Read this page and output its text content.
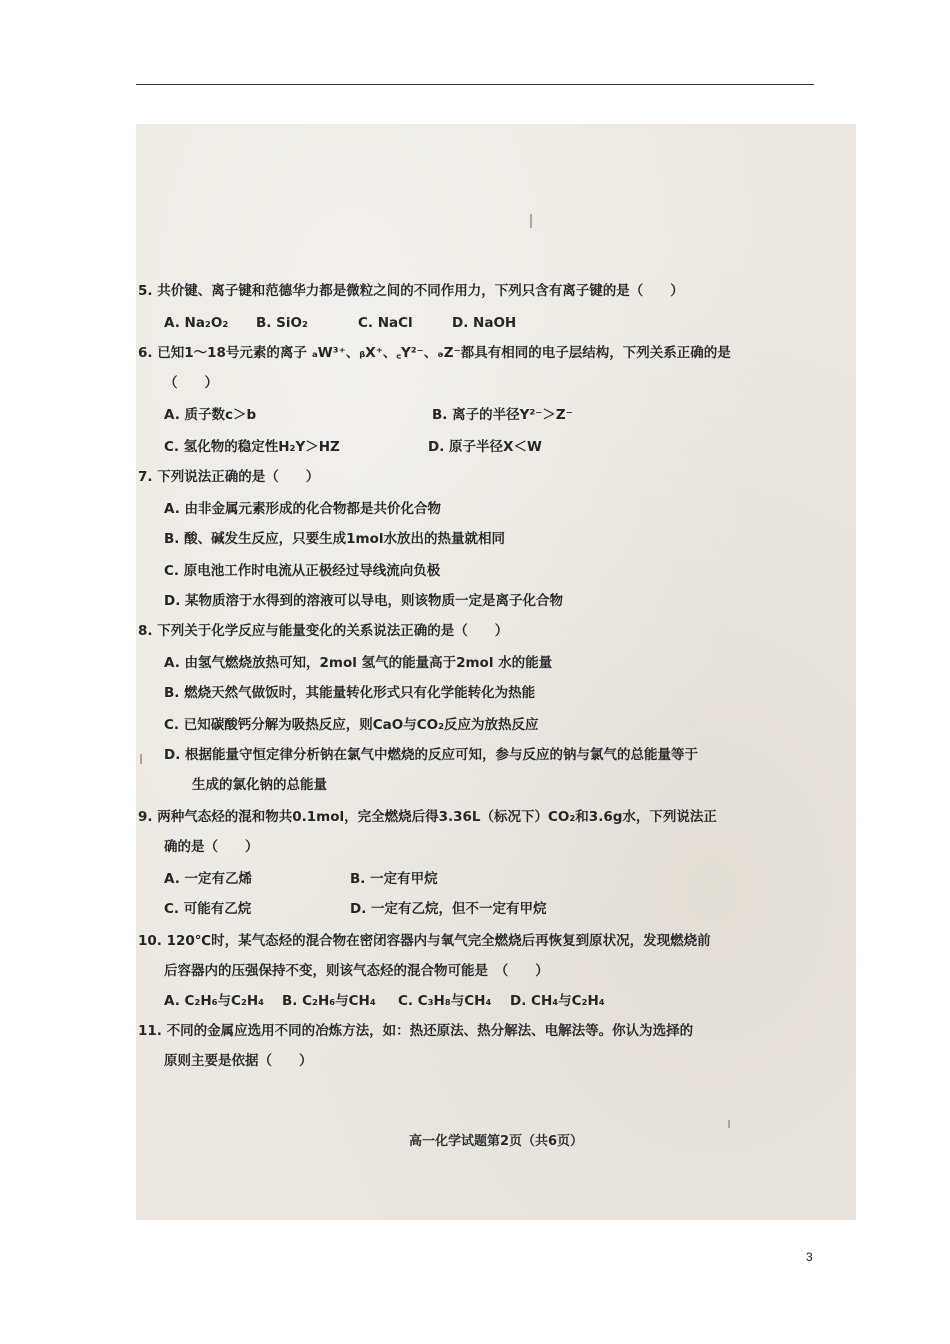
5. 共价键、离子键和范德华力都是微粒之间的不同作用力，下列只含有离子键的是（　　）
A. Na₂O₂ B. SiO₂	C. NaCl	D. NaOH
6. 已知1～18号元素的离子 ₐW³⁺、ᵦX⁺、꜀Y²⁻、ₔZ⁻都具有相同的电子层结构，下列关系正确的是
（　　）
A. 质子数c＞b	B. 离子的半径Y²⁻＞Z⁻
C. 氢化物的稳定性H₂Y＞HZ	D. 原子半径X＜W
7. 下列说法正确的是（　　）
A. 由非金属元素形成的化合物都是共价化合物
B. 酸、碱发生反应，只要生成1mol水放出的热量就相同
C. 原电池工作时电流从正极经过导线流向负极
D. 某物质溶于水得到的溶液可以导电，则该物质一定是离子化合物
8. 下列关于化学反应与能量变化的关系说法正确的是（　　）
A. 由氢气燃烧放热可知，2mol 氢气的能量高于2mol 水的能量
B. 燃烧天然气做饭时，其能量转化形式只有化学能转化为热能
C. 已知碳酸钙分解为吸热反应，则CaO与CO₂反应为放热反应
D. 根据能量守恒定律分析钠在氯气中燃烧的反应可知，参与反应的钠与氯气的总能量等于
生成的氯化钠的总能量
9. 两种气态烃的混和物共0.1mol，完全燃烧后得3.36L（标况下）CO₂和3.6g水，下列说法正
确的是（　　）
A. 一定有乙烯	B. 一定有甲烷
C. 可能有乙烷	D. 一定有乙烷，但不一定有甲烷
10. 120℃时，某气态烃的混合物在密闭容器内与氧气完全燃烧后再恢复到原状况，发现燃烧前
后容器内的压强保持不变，则该气态烃的混合物可能是　（　　）
A. C₂H₆与C₂H₄ B. C₂H₆与CH₄ C. C₃H₈与CH₄ D. CH₄与C₂H₄
11. 不同的金属应选用不同的冶炼方法，如：热还原法、热分解法、电解法等。你认为选择的
原则主要是依据（　　）
高一化学试题第2页（共6页）
3
